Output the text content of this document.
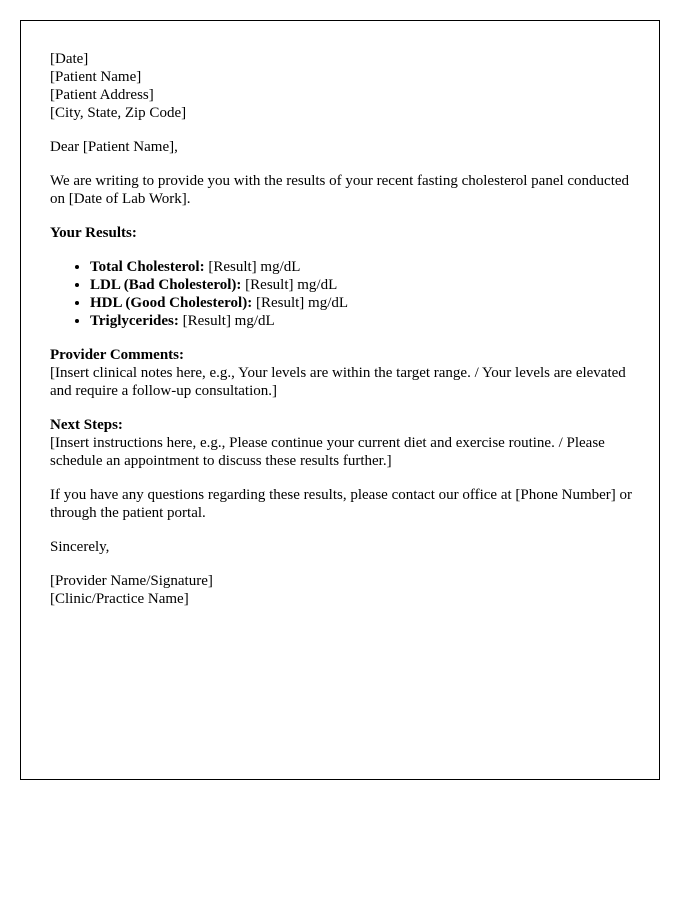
[Date]
[Patient Name]
[Patient Address]
[City, State, Zip Code]

Dear [Patient Name],

We are writing to provide you with the results of your recent fasting cholesterol panel conducted on [Date of Lab Work].

Your Results:

• Total Cholesterol: [Result] mg/dL
• LDL (Bad Cholesterol): [Result] mg/dL
• HDL (Good Cholesterol): [Result] mg/dL
• Triglycerides: [Result] mg/dL
Provider Comments:
[Insert clinical notes here, e.g., Your levels are within the target range. / Your levels are elevated and require a follow-up consultation.]
Next Steps:
[Insert instructions here, e.g., Please continue your current diet and exercise routine. / Please schedule an appointment to discuss these results further.]

If you have any questions regarding these results, please contact our office at [Phone Number] or through the patient portal.

Sincerely,

[Provider Name/Signature]
[Clinic/Practice Name]
